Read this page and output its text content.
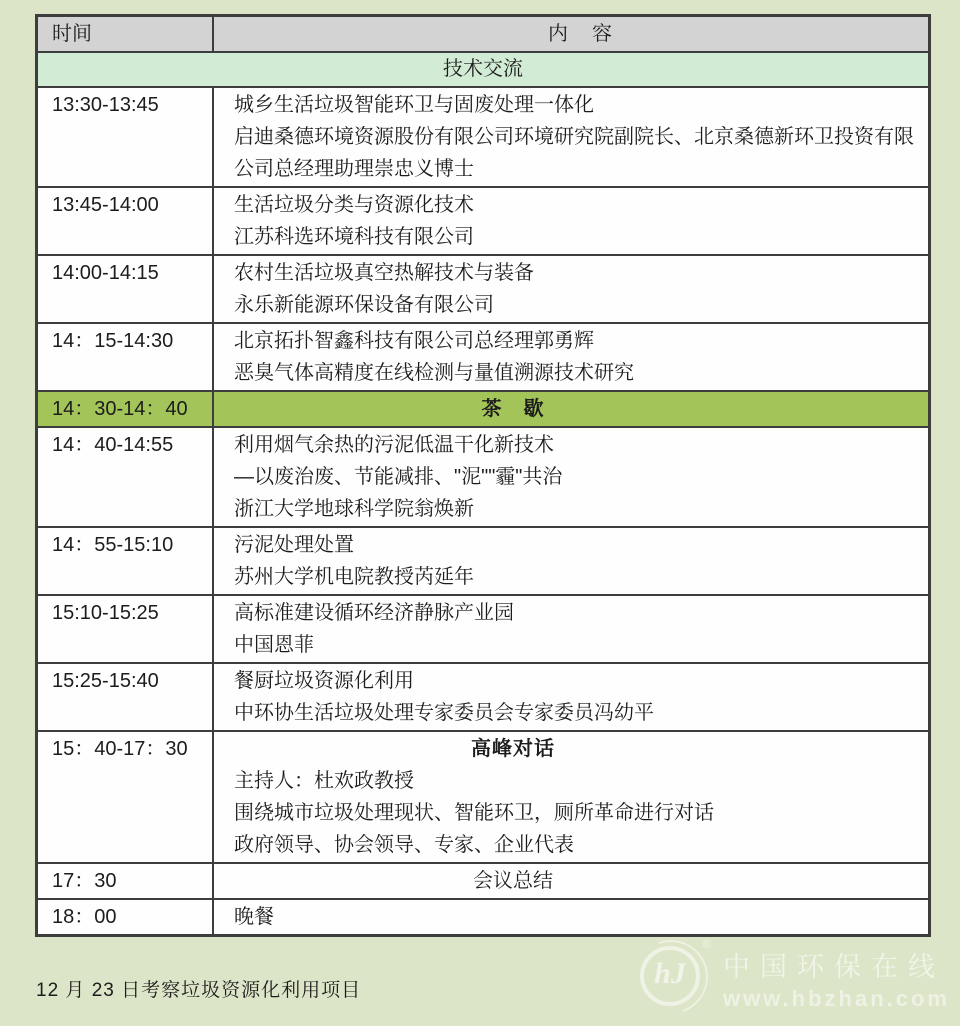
时间	内　容
技术交流
13:30-13:45	城乡生活垃圾智能环卫与固废处理一体化
启迪桑德环境资源股份有限公司环境研究院副院长、北京桑德新环卫投资有限公司总经理助理崇忠义博士
13:45-14:00	生活垃圾分类与资源化技术
江苏科选环境科技有限公司
14:00-14:15	农村生活垃圾真空热解技术与装备
永乐新能源环保设备有限公司
14：15-14:30	北京拓扑智鑫科技有限公司总经理郭勇辉
恶臭气体高精度在线检测与量值溯源技术研究
14：30-14：40	茶　歇
14：40-14:55	利用烟气余热的污泥低温干化新技术
—以废治废、节能减排、"泥""霾"共治
浙江大学地球科学院翁焕新
14：55-15:10	污泥处理处置
苏州大学机电院教授芮延年
15:10-15:25	高标准建设循环经济静脉产业园
中国恩菲
15:25-15:40	餐厨垃圾资源化利用
中环协生活垃圾处理专家委员会专家委员冯幼平
15：40-17：30	高峰对话
主持人：杜欢政教授
围绕城市垃圾处理现状、智能环卫，厕所革命进行对话
政府领导、协会领导、专家、企业代表
17：30	会议总结
18：00	晚餐
12 月 23 日考察垃圾资源化利用项目
hJ
®
中国环保在线
www.hbzhan.com
